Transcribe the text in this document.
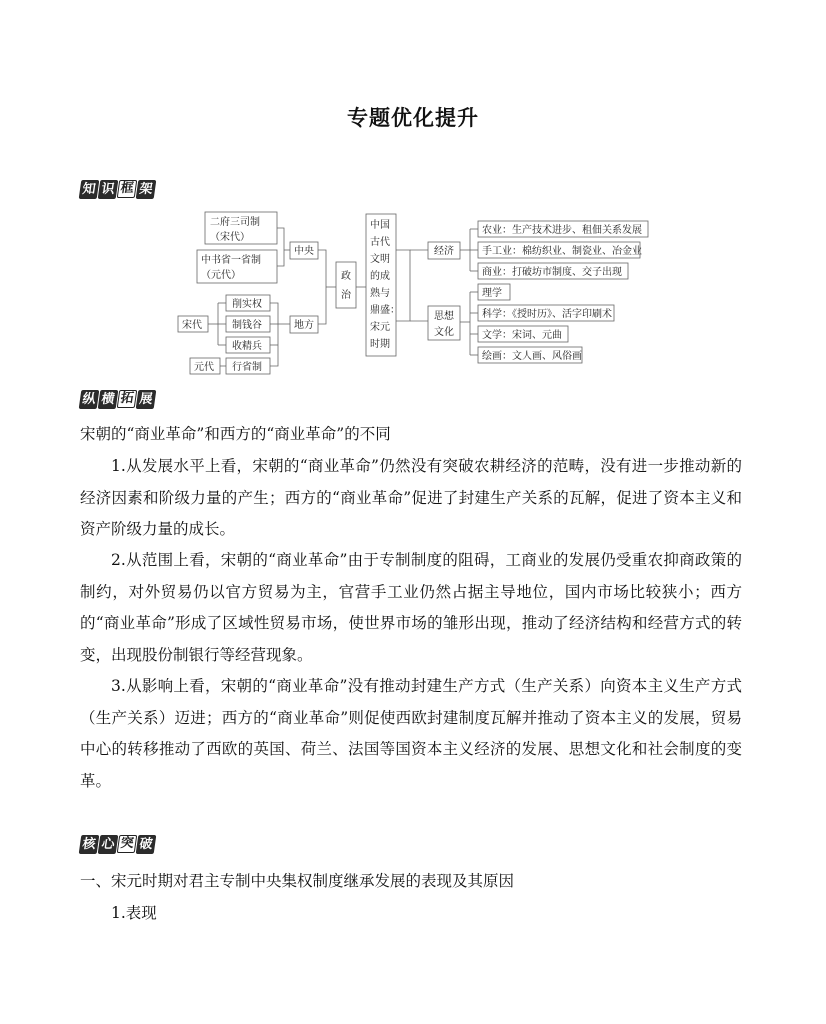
专题优化提升
知 识 框 架
二府三司制
（宋代）
中书省一省制
（元代）
中央
削实权
制钱谷
收精兵
行省制
宋代
元代
地方
政
治
中国
古代
文明
的成
熟与
鼎盛：
宋元
时期
经济
思想
文化
农业：生产技术进步、租佃关系发展
手工业：棉纺织业、制瓷业、冶金业
商业：打破坊市制度、交子出现
理学
科学：《授时历》、活字印刷术
文学：宋词、元曲
绘画：文人画、风俗画
纵 横 拓 展
宋朝的“商业革命”和西方的“商业革命”的不同
1.从发展水平上看，宋朝的“商业革命”仍然没有突破农耕经济的范畴，没有进一步推动新的经济因素和阶级力量的产生；西方的“商业革命”促进了封建生产关系的瓦解，促进了资本主义和资产阶级力量的成长。
2.从范围上看，宋朝的“商业革命”由于专制制度的阻碍，工商业的发展仍受重农抑商政策的制约，对外贸易仍以官方贸易为主，官营手工业仍然占据主导地位，国内市场比较狭小；西方的“商业革命”形成了区域性贸易市场，使世界市场的雏形出现，推动了经济结构和经营方式的转变，出现股份制银行等经营现象。
3.从影响上看，宋朝的“商业革命”没有推动封建生产方式（生产关系）向资本主义生产方式（生产关系）迈进；西方的“商业革命”则促使西欧封建制度瓦解并推动了资本主义的发展，贸易中心的转移推动了西欧的英国、荷兰、法国等国资本主义经济的发展、思想文化和社会制度的变革。
核 心 突 破
一、宋元时期对君主专制中央集权制度继承发展的表现及其原因
1.表现
